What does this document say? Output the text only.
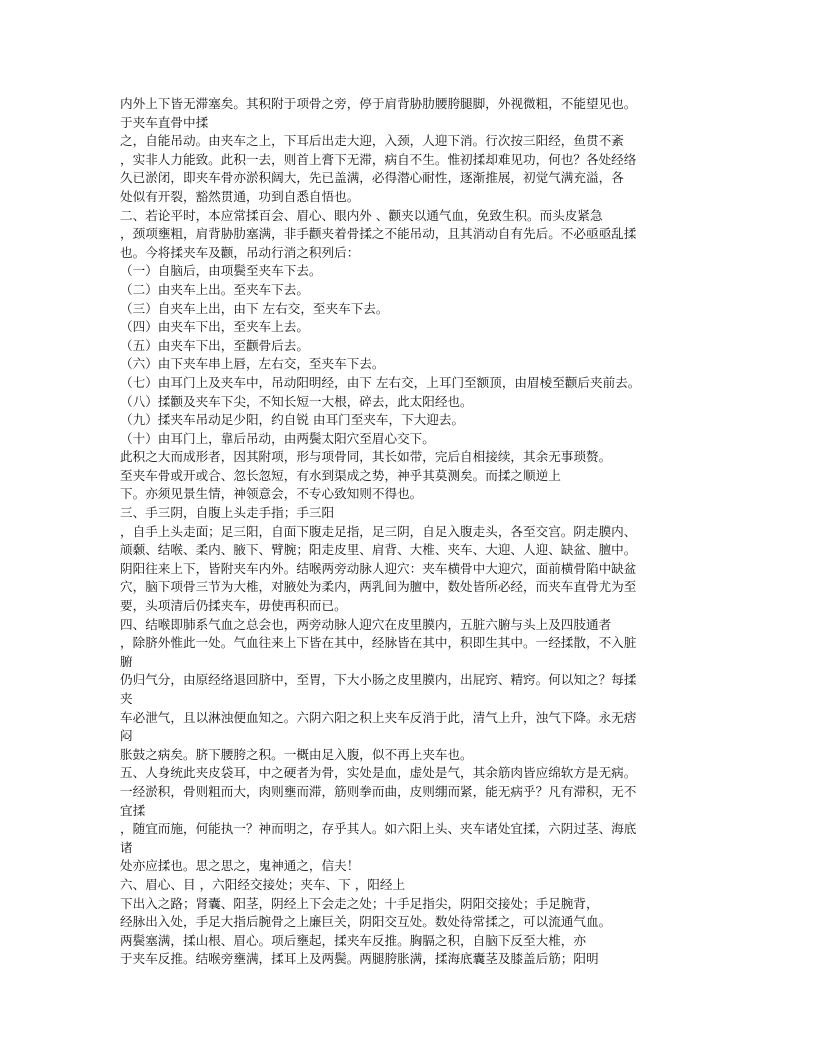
内外上下皆无滞塞矣。其积附于项骨之旁，停于肩背胁肋腰胯腿脚，外视微粗，不能望见也。
于夹车直骨中揉
之，自能吊动。由夹车之上，下耳后出走大迎，入颈，人迎下消。行次按三阳经，鱼贯不紊
，实非人力能致。此积一去，则首上膏下无滞，病自不生。惟初揉却难见功，何也？各处经络
久已淤闭，即夹车骨亦淤积阔大，先已盖满，必得潜心耐性，逐渐推展，初觉气满充溢，各
处似有开裂，豁然贯通，功到自悉自悟也。
二、若论平时，本应常揉百会、眉心、眼内外 、颧夹以通气血，免致生积。而头皮紧急
，颈项壅粗，肩背胁肋塞满，非手颧夹着骨揉之不能吊动，且其消动自有先后。不必亟亟乱揉
也。今将揉夹车及颧，吊动行消之积列后：
（一）自脑后，由项鬓至夹车下去。
（二）由夹车上出。至夹车下去。
（三）自夹车上出，由下 左右交，至夹车下去。
（四）由夹车下出，至夹车上去。
（五）由夹车下出，至颧骨后去。
（六）由下夹车串上唇，左右交，至夹车下去。
（七）由耳门上及夹车中，吊动阳明经，由下 左右交，上耳门至额顶，由眉棱至颧后夹前去。
（八）揉颧及夹车下尖，不知长短一大根，碎去，此太阳经也。
（九）揉夹车吊动足少阳，约自锐 由耳门至夹车，下大迎去。
（十）由耳门上，靠后吊动，由两鬓太阳穴至眉心交下。
此积之大而成形者，因其附项，形与项骨同，其长如带，完后自相接续，其余无事琐赘。
至夹车骨或开或合、忽长忽短，有水到渠成之势，神乎其莫测矣。而揉之顺逆上
下。亦须见景生情，神领意会，不专心致知则不得也。
三、手三阴，自腹上头走手指；手三阳
，自手上头走面；足三阳，自面下腹走足指，足三阴，自足入腹走头，各至交宫。阴走膜内、
颃颡、结喉、柔内、腋下、臂腕；阳走皮里、肩背、大椎、夹车、大迎、人迎、缺盆、膻中。
阴阳往来上下，皆附夹车内外。结喉两旁动脉人迎穴：夹车横骨中大迎穴，面前横骨陷中缺盆
穴，脑下项骨三节为大椎，对腋处为柔内，两乳间为膻中，数处皆所必经，而夹车直骨尤为至
要，头项清后仍揉夹车，毋使再积而已。
四、结喉即肺系气血之总会也，两旁动脉人迎穴在皮里膜内，五脏六腑与头上及四肢通者
，除脐外惟此一处。气血往来上下皆在其中，经脉皆在其中，积即生其中。一经揉散，不入脏
腑
仍归气分，由原经络退回脐中，至胃，下大小肠之皮里膜内，出屁窍、精窍。何以知之？每揉
夹
车必泄气，且以淋浊便血知之。六阴六阳之积上夹车反消于此，清气上升，浊气下降。永无痞
闷
胀鼓之病矣。脐下腰胯之积。一概由足入腹，似不再上夹车也。
五、人身统此夹皮袋耳，中之硬者为骨，实处是血，虚处是气，其余筋肉皆应绵软方是无病。
一经淤积，骨则粗而大，肉则壅而滞，筋则拳而曲，皮则绷而紧，能无病乎？凡有滞积，无不
宜揉
，随宜而施，何能执一？神而明之，存乎其人。如六阳上头、夹车诸处宜揉，六阴过茎、海底
诸
处亦应揉也。思之思之，鬼神通之，信夫！
六、眉心、目 ，六阳经交接处；夹车、下 ，阳经上
下出入之路；肾囊、阳茎，阴经上下会走之处；十手足指尖，阴阳交接处；手足腕背，
经脉出入处，手足大指后腕骨之上廉巨关，阴阳交互处。数处待常揉之，可以流通气血。
两鬓塞满，揉山根、眉心。项后壅起，揉夹车反推。胸膈之积，自脑下反至大椎，亦
于夹车反推。结喉旁壅满，揉耳上及两鬓。两腿胯胀满，揉海底囊茎及膝盖后筋；阳明
